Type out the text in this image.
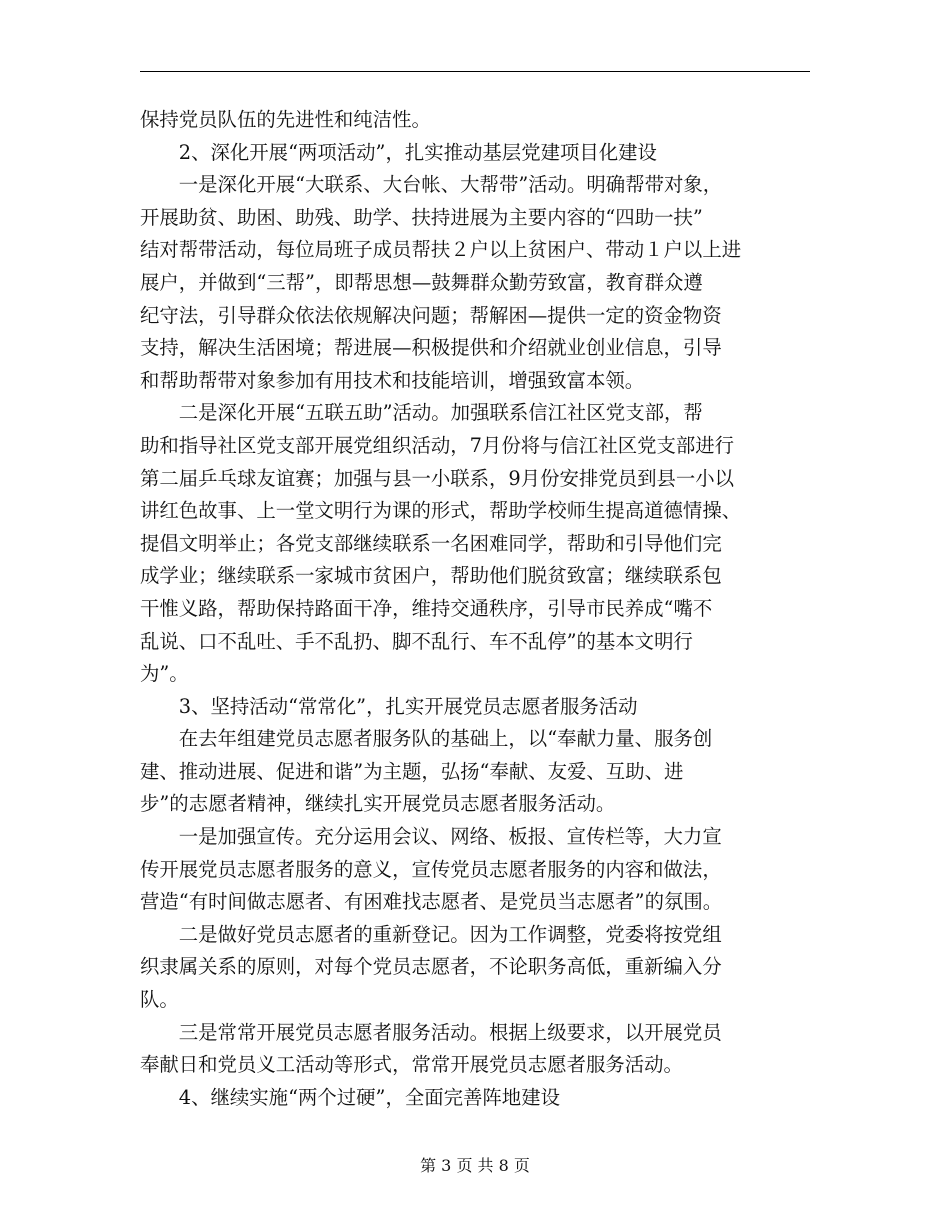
保持党员队伍的先进性和纯洁性。
　　2、深化开展“两项活动”，扎实推动基层党建项目化建设
　　一是深化开展“大联系、大台帐、大帮带”活动。明确帮带对象，
开展助贫、助困、助残、助学、扶持进展为主要内容的“四助一扶”
结对帮带活动，每位局班子成员帮扶２户以上贫困户、带动１户以上进
展户，并做到“三帮”，即帮思想—鼓舞群众勤劳致富，教育群众遵
纪守法，引导群众依法依规解决问题；帮解困—提供一定的资金物资
支持，解决生活困境；帮进展—积极提供和介绍就业创业信息，引导
和帮助帮带对象参加有用技术和技能培训，增强致富本领。
　　二是深化开展“五联五助”活动。加强联系信江社区党支部，帮
助和指导社区党支部开展党组织活动，7月份将与信江社区党支部进行
第二届乒乓球友谊赛；加强与县一小联系，9月份安排党员到县一小以
讲红色故事、上一堂文明行为课的形式，帮助学校师生提高道德情操、
提倡文明举止；各党支部继续联系一名困难同学，帮助和引导他们完
成学业；继续联系一家城市贫困户，帮助他们脱贫致富；继续联系包
干惟义路，帮助保持路面干净，维持交通秩序，引导市民养成“嘴不
乱说、口不乱吐、手不乱扔、脚不乱行、车不乱停”的基本文明行
为”。
　　3、坚持活动“常常化”，扎实开展党员志愿者服务活动
　　在去年组建党员志愿者服务队的基础上，以“奉献力量、服务创
建、推动进展、促进和谐”为主题，弘扬“奉献、友爱、互助、进
步”的志愿者精神，继续扎实开展党员志愿者服务活动。
　　一是加强宣传。充分运用会议、网络、板报、宣传栏等，大力宣
传开展党员志愿者服务的意义，宣传党员志愿者服务的内容和做法，
营造“有时间做志愿者、有困难找志愿者、是党员当志愿者”的氛围。
　　二是做好党员志愿者的重新登记。因为工作调整，党委将按党组
织隶属关系的原则，对每个党员志愿者，不论职务高低，重新编入分
队。
　　三是常常开展党员志愿者服务活动。根据上级要求，以开展党员
奉献日和党员义工活动等形式，常常开展党员志愿者服务活动。
　　4、继续实施“两个过硬”，全面完善阵地建设
第 3 页 共 8 页
